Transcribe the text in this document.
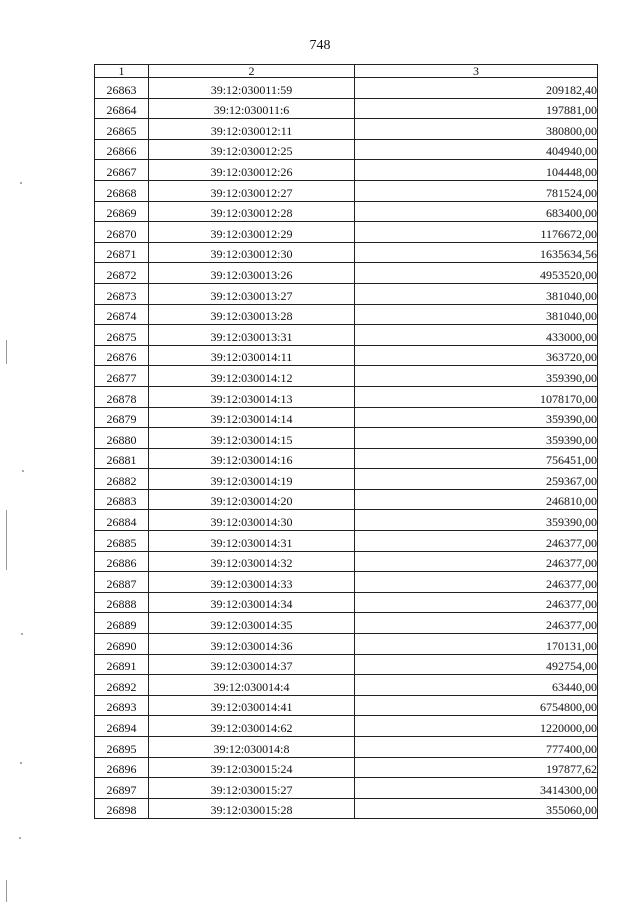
748
1	2	3
26863	39:12:030011:59	209182,40
26864	39:12:030011:6	197881,00
26865	39:12:030012:11	380800,00
26866	39:12:030012:25	404940,00
26867	39:12:030012:26	104448,00
26868	39:12:030012:27	781524,00
26869	39:12:030012:28	683400,00
26870	39:12:030012:29	1176672,00
26871	39:12:030012:30	1635634,56
26872	39:12:030013:26	4953520,00
26873	39:12:030013:27	381040,00
26874	39:12:030013:28	381040,00
26875	39:12:030013:31	433000,00
26876	39:12:030014:11	363720,00
26877	39:12:030014:12	359390,00
26878	39:12:030014:13	1078170,00
26879	39:12:030014:14	359390,00
26880	39:12:030014:15	359390,00
26881	39:12:030014:16	756451,00
26882	39:12:030014:19	259367,00
26883	39:12:030014:20	246810,00
26884	39:12:030014:30	359390,00
26885	39:12:030014:31	246377,00
26886	39:12:030014:32	246377,00
26887	39:12:030014:33	246377,00
26888	39:12:030014:34	246377,00
26889	39:12:030014:35	246377,00
26890	39:12:030014:36	170131,00
26891	39:12:030014:37	492754,00
26892	39:12:030014:4	63440,00
26893	39:12:030014:41	6754800,00
26894	39:12:030014:62	1220000,00
26895	39:12:030014:8	777400,00
26896	39:12:030015:24	197877,62
26897	39:12:030015:27	3414300,00
26898	39:12:030015:28	355060,00
